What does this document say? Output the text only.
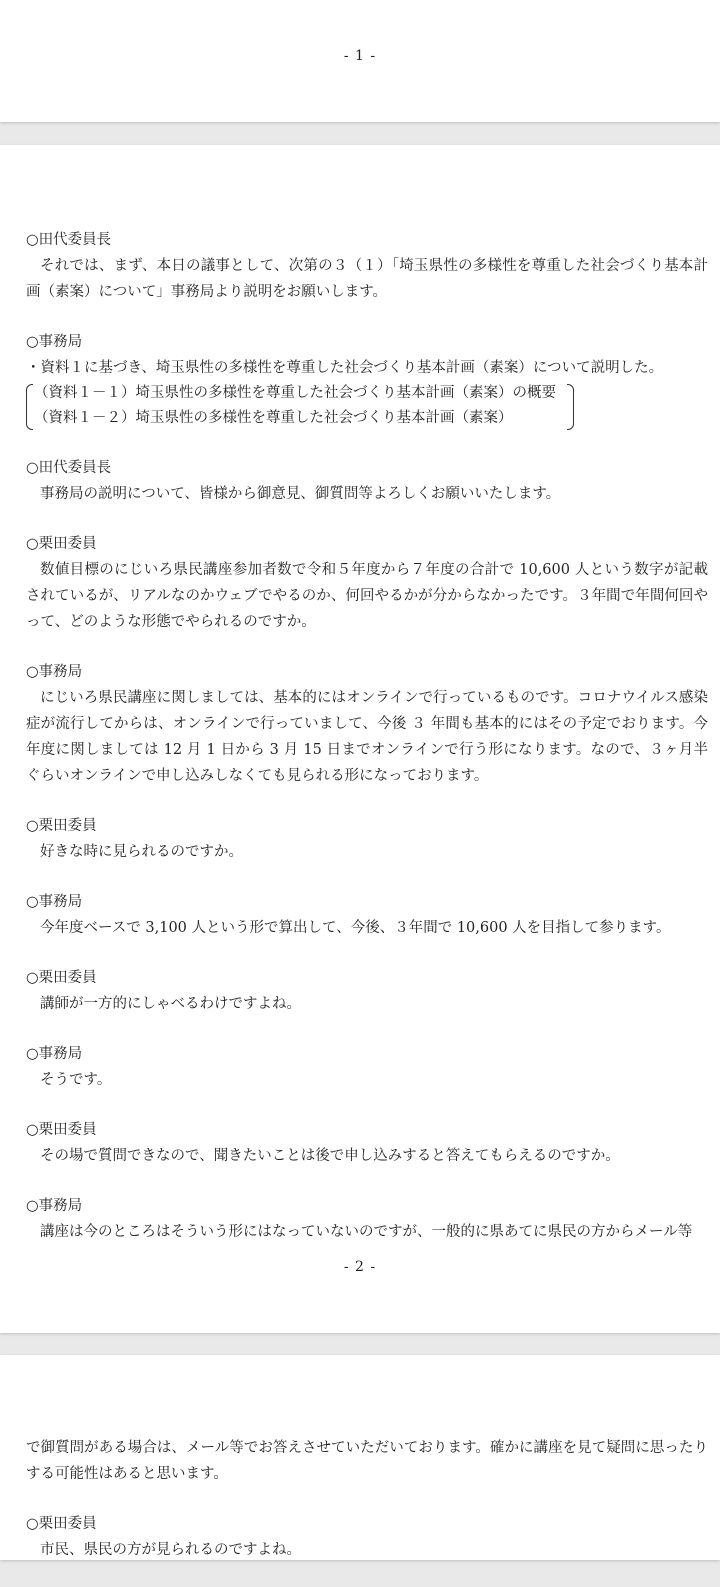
- 1 -
○田代委員長
それでは、まず、本日の議事として、次第の３（１）「埼玉県性の多様性を尊重した社会づくり基本計画（素案）について」事務局より説明をお願いします。
○事務局
・資料１に基づき、埼玉県性の多様性を尊重した社会づくり基本計画（素案）について説明した。
（資料１－１）埼玉県性の多様性を尊重した社会づくり基本計画（素案）の概要
（資料１－２）埼玉県性の多様性を尊重した社会づくり基本計画（素案）
○田代委員長
事務局の説明について、皆様から御意見、御質問等よろしくお願いいたします。
○栗田委員
数値目標のにじいろ県民講座参加者数で令和５年度から７年度の合計で 10,600 人という数字が記載されているが、リアルなのかウェブでやるのか、何回やるかが分からなかったです。３年間で年間何回やって、どのような形態でやられるのですか。
○事務局
にじいろ県民講座に関しましては、基本的にはオンラインで行っているものです。コロナウイルス感染症が流行してからは、オンラインで行っていまして、今後 ３ 年間も基本的にはその予定でおります。今年度に関しましては 12 月 1 日から 3 月 15 日までオンラインで行う形になります。なので、３ヶ月半ぐらいオンラインで申し込みしなくても見られる形になっております。
○栗田委員
好きな時に見られるのですか。
○事務局
今年度ベースで 3,100 人という形で算出して、今後、３年間で 10,600 人を目指して参ります。
○栗田委員
講師が一方的にしゃべるわけですよね。
○事務局
そうです。
○栗田委員
その場で質問できなので、聞きたいことは後で申し込みすると答えてもらえるのですか。
○事務局
講座は今のところはそういう形にはなっていないのですが、一般的に県あてに県民の方からメール等
- 2 -
で御質問がある場合は、メール等でお答えさせていただいております。確かに講座を見て疑問に思ったりする可能性はあると思います。
○栗田委員
市民、県民の方が見られるのですよね。
